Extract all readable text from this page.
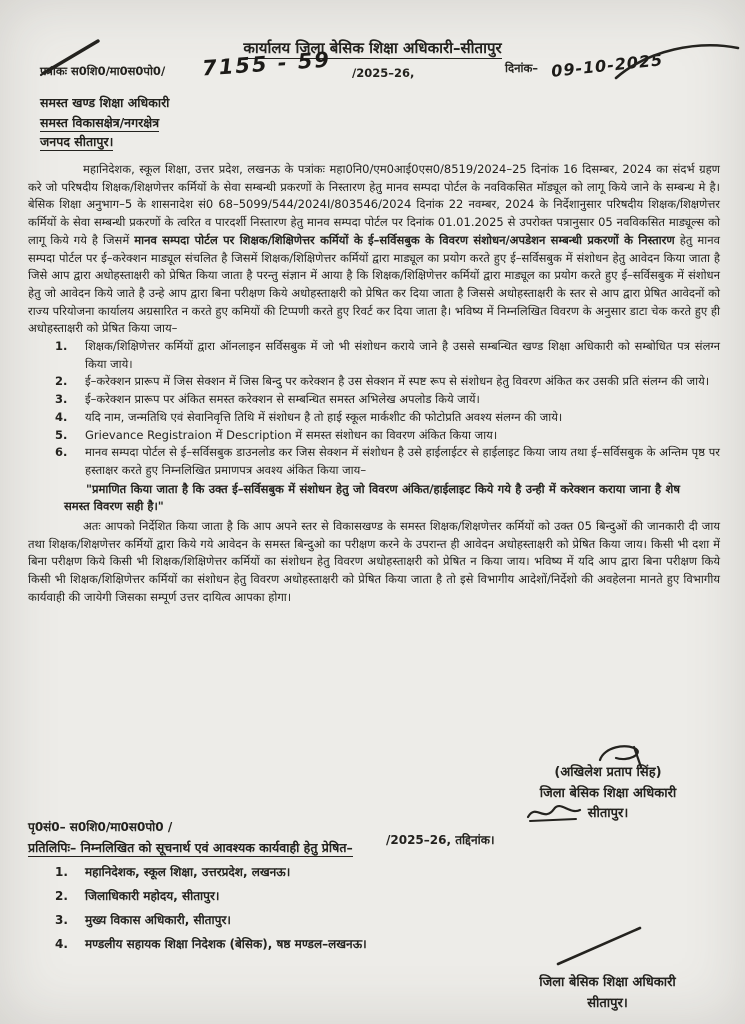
कार्यालय जिला बेसिक शिक्षा अधिकारी–सीतापुर
पत्रांकः स0शि0/मा0स0पो0/ 7155 - 59 /2025–26,	दिनांक– 09-10-2025
समस्त खण्ड शिक्षा अधिकारी
समस्त विकासक्षेत्र/नगरक्षेत्र
जनपद सीतापुर।

महानिदेशक, स्कूल शिक्षा, उत्तर प्रदेश, लखनऊ के पत्रांकः महा0नि0/एम0आई0एस0/8519/2024–25 दिनांक 16 दिसम्बर, 2024 का संदर्भ ग्रहण करे जो परिषदीय शिक्षक/शिक्षणेत्तर कर्मियों के सेवा सम्बन्धी प्रकरणों के निस्तारण हेतु मानव सम्पदा पोर्टल के नवविकसित मॉड्यूल को लागू किये जाने के सम्बन्ध मे है। बेसिक शिक्षा अनुभाग–5 के शासनादेश सं0 68–5099/544/2024I/803546/2024 दिनांक 22 नवम्बर, 2024 के निर्देशानुसार परिषदीय शिक्षक/शिक्षणेत्तर कर्मियों के सेवा सम्बन्धी प्रकरणों के त्वरित व पारदर्शी निस्तारण हेतु मानव सम्पदा पोर्टल पर दिनांक 01.01.2025 से उपरोक्त पत्रानुसार 05 नवविकसित माड्यूल्स को लागू किये गये है जिसमें मानव सम्पदा पोर्टल पर शिक्षक/शिक्षिणेत्तर कर्मियों के ई–सर्विसबुक के विवरण संशोधन/अपडेशन सम्बन्धी प्रकरणों के निस्तारण हेतु मानव सम्पदा पोर्टल पर ई–करेक्शन माड्यूल संचलित है जिसमें शिक्षक/शिक्षिणेत्तर कर्मियों द्वारा माड्यूल का प्रयोग करते हुए ई–सर्विसबुक में संशोधन हेतु आवेदन किया जाता है जिसे आप द्वारा अधोहस्ताक्षरी को प्रेषित किया जाता है परन्तु संज्ञान में आया है कि शिक्षक/शिक्षिणेत्तर कर्मियों द्वारा माड्यूल का प्रयोग करते हुए ई–सर्विसबुक में संशोधन हेतु जो आवेदन किये जाते है उन्हे आप द्वारा बिना परीक्षण किये अधोहस्ताक्षरी को प्रेषित कर दिया जाता है जिससे अधोहस्ताक्षरी के स्तर से आप द्वारा प्रेषित आवेदनों को राज्य परियोजना कार्यालय अग्रसारित न करते हुए कमियों की टिप्पणी करते हुए रिवर्ट कर दिया जाता है। भविष्य में निम्नलिखित विवरण के अनुसार डाटा चेक करते हुए ही अधोहस्ताक्षरी को प्रेषित किया जाय–

1. शिक्षक/शिक्षिणेत्तर कर्मियों द्वारा ऑनलाइन सर्विसबुक में जो भी संशोधन कराये जाने है उससे सम्बन्धित खण्ड शिक्षा अधिकारी को सम्बोधित पत्र संलग्न किया जाये।
2. ई–करेक्शन प्रारूप में जिस सेक्शन में जिस बिन्दु पर करेक्शन है उस सेक्शन में स्पष्ट रूप से संशोधन हेतु विवरण अंकित कर उसकी प्रति संलग्न की जाये।
3. ई–करेक्शन प्रारूप पर अंकित समस्त करेक्शन से सम्बन्धित समस्त अभिलेख अपलोड किये जायें।
4. यदि नाम, जन्मतिथि एवं सेवानिवृत्ति तिथि में संशोधन है तो हाई स्कूल मार्कशीट की फोटोप्रति अवश्य संलग्न की जाये।
5. Grievance Registraion में Description में समस्त संशोधन का विवरण अंकित किया जाय।
6. मानव सम्पदा पोर्टल से ई–सर्विसबुक डाउनलोड कर जिस सेक्शन में संशोधन है उसे हाईलाईटर से हाईलाइट किया जाय तथा ई–सर्विसबुक के अन्तिम पृष्ठ पर हस्ताक्षर करते हुए निम्नलिखित प्रमाणपत्र अवश्य अंकित किया जाय–

"प्रमाणित किया जाता है कि उक्त ई–सर्विसबुक में संशोधन हेतु जो विवरण अंकित/हाईलाइट किये गये है उन्ही में करेक्शन कराया जाना है शेष समस्त विवरण सही है।"

अतः आपको निर्देशित किया जाता है कि आप अपने स्तर से विकासखण्ड के समस्त शिक्षक/शिक्षणेत्तर कर्मियों को उक्त 05 बिन्दुओं की जानकारी दी जाय तथा शिक्षक/शिक्षणेत्तर कर्मियों द्वारा किये गये आवेदन के समस्त बिन्दुओ का परीक्षण करने के उपरान्त ही आवेदन अधोहस्ताक्षरी को प्रेषित किया जाय। किसी भी दशा में बिना परीक्षण किये किसी भी शिक्षक/शिक्षिणेत्तर कर्मियों का संशोधन हेतु विवरण अधोहस्ताक्षरी को प्रेषित न किया जाय। भविष्य में यदि आप द्वारा बिना परीक्षण किये किसी भी शिक्षक/शिक्षिणेत्तर कर्मियों का संशोधन हेतु विवरण अधोहस्ताक्षरी को प्रेषित किया जाता है तो इसे विभागीय आदेशों/निर्देशो की अवहेलना मानते हुए विभागीय कार्यवाही की जायेगी जिसका सम्पूर्ण उत्तर दायित्व आपका होगा।

(अखिलेश प्रताप सिंह)
जिला बेसिक शिक्षा अधिकारी
सीतापुर।
पृ0सं0– स0शि0/मा0स0पो0 /
/2025–26, तद्दिनांक।
प्रतिलिपिः– निम्नलिखित को सूचनार्थ एवं आवश्यक कार्यवाही हेतु प्रेषित–
1. महानिदेशक, स्कूल शिक्षा, उत्तरप्रदेश, लखनऊ।
2. जिलाधिकारी महोदय, सीतापुर।
3. मुख्य विकास अधिकारी, सीतापुर।
4. मण्डलीय सहायक शिक्षा निदेशक (बेसिक), षष्ठ मण्डल–लखनऊ।
जिला बेसिक शिक्षा अधिकारी
सीतापुर।
